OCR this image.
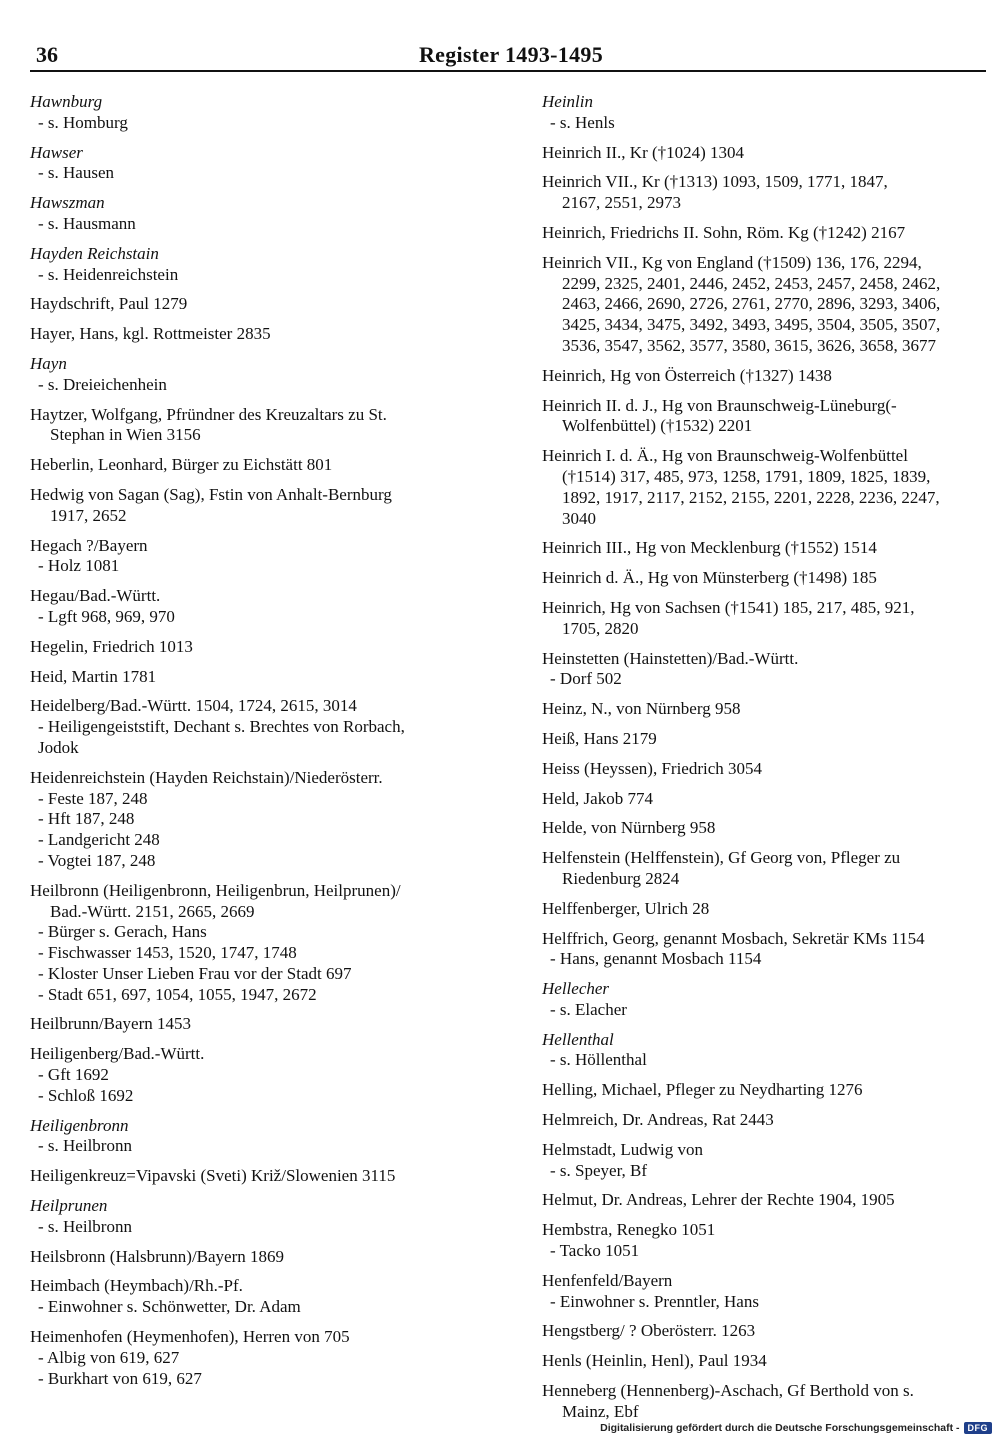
36	Register 1493-1495
Hawnburg
- s. Homburg
Hawser
- s. Hausen
Hawszman
- s. Hausmann
Hayden Reichstain
- s. Heidenreichstein
Haydschrift, Paul 1279
Hayer, Hans, kgl. Rottmeister 2835
Hayn
- s. Dreieichenhein
Haytzer, Wolfgang, Pfründner des Kreuzaltars zu St.
Stephan in Wien 3156
Heberlin, Leonhard, Bürger zu Eichstätt 801
Hedwig von Sagan (Sag), Fstin von Anhalt-Bernburg
1917, 2652
Hegach ?/Bayern
- Holz 1081
Hegau/Bad.-Württ.
- Lgft 968, 969, 970
Hegelin, Friedrich 1013
Heid, Martin 1781
Heidelberg/Bad.-Württ. 1504, 1724, 2615, 3014
- Heiligengeiststift, Dechant s. Brechtes von Rorbach,
Jodok
Heidenreichstein (Hayden Reichstain)/Niederösterr.
- Feste 187, 248
- Hft 187, 248
- Landgericht 248
- Vogtei 187, 248
Heilbronn (Heiligenbronn, Heiligenbrun, Heilprunen)/
Bad.-Württ. 2151, 2665, 2669
- Bürger s. Gerach, Hans
- Fischwasser 1453, 1520, 1747, 1748
- Kloster Unser Lieben Frau vor der Stadt 697
- Stadt 651, 697, 1054, 1055, 1947, 2672
Heilbrunn/Bayern 1453
Heiligenberg/Bad.-Württ.
- Gft 1692
- Schloß 1692
Heiligenbronn
- s. Heilbronn
Heiligenkreuz=Vipavski (Sveti) Križ/Slowenien 3115
Heilprunen
- s. Heilbronn
Heilsbronn (Halsbrunn)/Bayern 1869
Heimbach (Heymbach)/Rh.-Pf.
- Einwohner s. Schönwetter, Dr. Adam
Heimenhofen (Heymenhofen), Herren von 705
- Albig von 619, 627
- Burkhart von 619, 627
Heinlin
- s. Henls
Heinrich II., Kr (†1024) 1304
Heinrich VII., Kr (†1313) 1093, 1509, 1771, 1847,
2167, 2551, 2973
Heinrich, Friedrichs II. Sohn, Röm. Kg (†1242) 2167
Heinrich VII., Kg von England (†1509) 136, 176, 2294,
2299, 2325, 2401, 2446, 2452, 2453, 2457, 2458, 2462,
2463, 2466, 2690, 2726, 2761, 2770, 2896, 3293, 3406,
3425, 3434, 3475, 3492, 3493, 3495, 3504, 3505, 3507,
3536, 3547, 3562, 3577, 3580, 3615, 3626, 3658, 3677
Heinrich, Hg von Österreich (†1327) 1438
Heinrich II. d. J., Hg von Braunschweig-Lüneburg(-
Wolfenbüttel) (†1532) 2201
Heinrich I. d. Ä., Hg von Braunschweig-Wolfenbüttel
(†1514) 317, 485, 973, 1258, 1791, 1809, 1825, 1839,
1892, 1917, 2117, 2152, 2155, 2201, 2228, 2236, 2247,
3040
Heinrich III., Hg von Mecklenburg (†1552) 1514
Heinrich d. Ä., Hg von Münsterberg (†1498) 185
Heinrich, Hg von Sachsen (†1541) 185, 217, 485, 921,
1705, 2820
Heinstetten (Hainstetten)/Bad.-Württ.
- Dorf 502
Heinz, N., von Nürnberg 958
Heiß, Hans 2179
Heiss (Heyssen), Friedrich 3054
Held, Jakob 774
Helde, von Nürnberg 958
Helfenstein (Helffenstein), Gf Georg von, Pfleger zu
Riedenburg 2824
Helffenberger, Ulrich 28
Helffrich, Georg, genannt Mosbach, Sekretär KMs 1154
- Hans, genannt Mosbach 1154
Hellecher
- s. Elacher
Hellenthal
- s. Höllenthal
Helling, Michael, Pfleger zu Neydharting 1276
Helmreich, Dr. Andreas, Rat 2443
Helmstadt, Ludwig von
- s. Speyer, Bf
Helmut, Dr. Andreas, Lehrer der Rechte 1904, 1905
Hembstra, Renegko 1051
- Tacko 1051
Henfenfeld/Bayern
- Einwohner s. Prenntler, Hans
Hengstberg/ ? Oberösterr. 1263
Henls (Heinlin, Henl), Paul 1934
Henneberg (Hennenberg)-Aschach, Gf Berthold von s.
Mainz, Ebf
Digitalisierung gefördert durch die Deutsche Forschungsgemeinschaft - DFG
